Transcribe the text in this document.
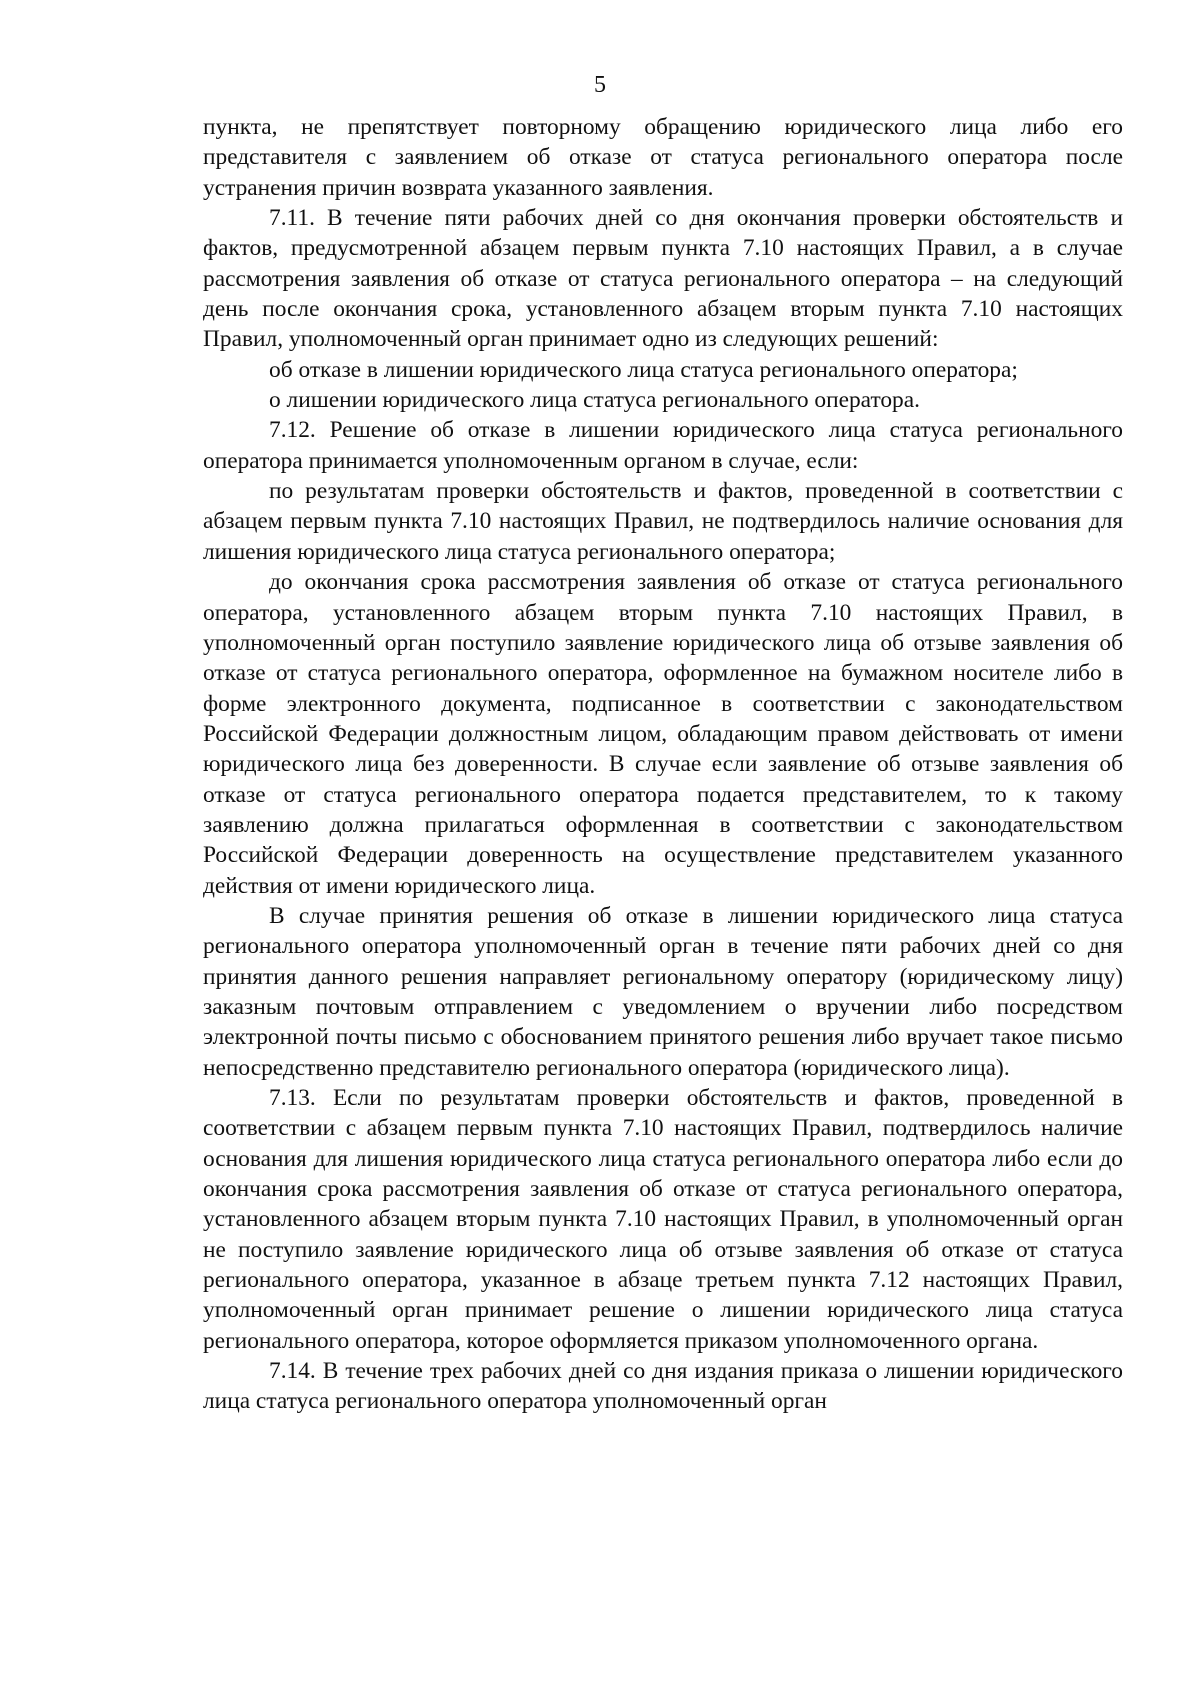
5

пункта, не препятствует повторному обращению юридического лица либо его представителя с заявлением об отказе от статуса регионального оператора после устранения причин возврата указанного заявления.

7.11. В течение пяти рабочих дней со дня окончания проверки обстоятельств и фактов, предусмотренной абзацем первым пункта 7.10 настоящих Правил, а в случае рассмотрения заявления об отказе от статуса регионального оператора – на следующий день после окончания срока, установленного абзацем вторым пункта 7.10 настоящих Правил, уполномоченный орган принимает одно из следующих решений:

об отказе в лишении юридического лица статуса регионального оператора;

о лишении юридического лица статуса регионального оператора.

7.12. Решение об отказе в лишении юридического лица статуса регионального оператора принимается уполномоченным органом в случае, если:

по результатам проверки обстоятельств и фактов, проведенной в соответствии с абзацем первым пункта 7.10 настоящих Правил, не подтвердилось наличие основания для лишения юридического лица статуса регионального оператора;

до окончания срока рассмотрения заявления об отказе от статуса регионального оператора, установленного абзацем вторым пункта 7.10 настоящих Правил, в уполномоченный орган поступило заявление юридического лица об отзыве заявления об отказе от статуса регионального оператора, оформленное на бумажном носителе либо в форме электронного документа, подписанное в соответствии с законодательством Российской Федерации должностным лицом, обладающим правом действовать от имени юридического лица без доверенности. В случае если заявление об отзыве заявления об отказе от статуса регионального оператора подается представителем, то к такому заявлению должна прилагаться оформленная в соответствии с законодательством Российской Федерации доверенность на осуществление представителем указанного действия от имени юридического лица.

В случае принятия решения об отказе в лишении юридического лица статуса регионального оператора уполномоченный орган в течение пяти рабочих дней со дня принятия данного решения направляет региональному оператору (юридическому лицу) заказным почтовым отправлением с уведомлением о вручении либо посредством электронной почты письмо с обоснованием принятого решения либо вручает такое письмо непосредственно представителю регионального оператора (юридического лица).

7.13. Если по результатам проверки обстоятельств и фактов, проведенной в соответствии с абзацем первым пункта 7.10 настоящих Правил, подтвердилось наличие основания для лишения юридического лица статуса регионального оператора либо если до окончания срока рассмотрения заявления об отказе от статуса регионального оператора, установленного абзацем вторым пункта 7.10 настоящих Правил, в уполномоченный орган не поступило заявление юридического лица об отзыве заявления об отказе от статуса регионального оператора, указанное в абзаце третьем пункта 7.12 настоящих Правил, уполномоченный орган принимает решение о лишении юридического лица статуса регионального оператора, которое оформляется приказом уполномоченного органа.

7.14. В течение трех рабочих дней со дня издания приказа о лишении юридического лица статуса регионального оператора уполномоченный орган
